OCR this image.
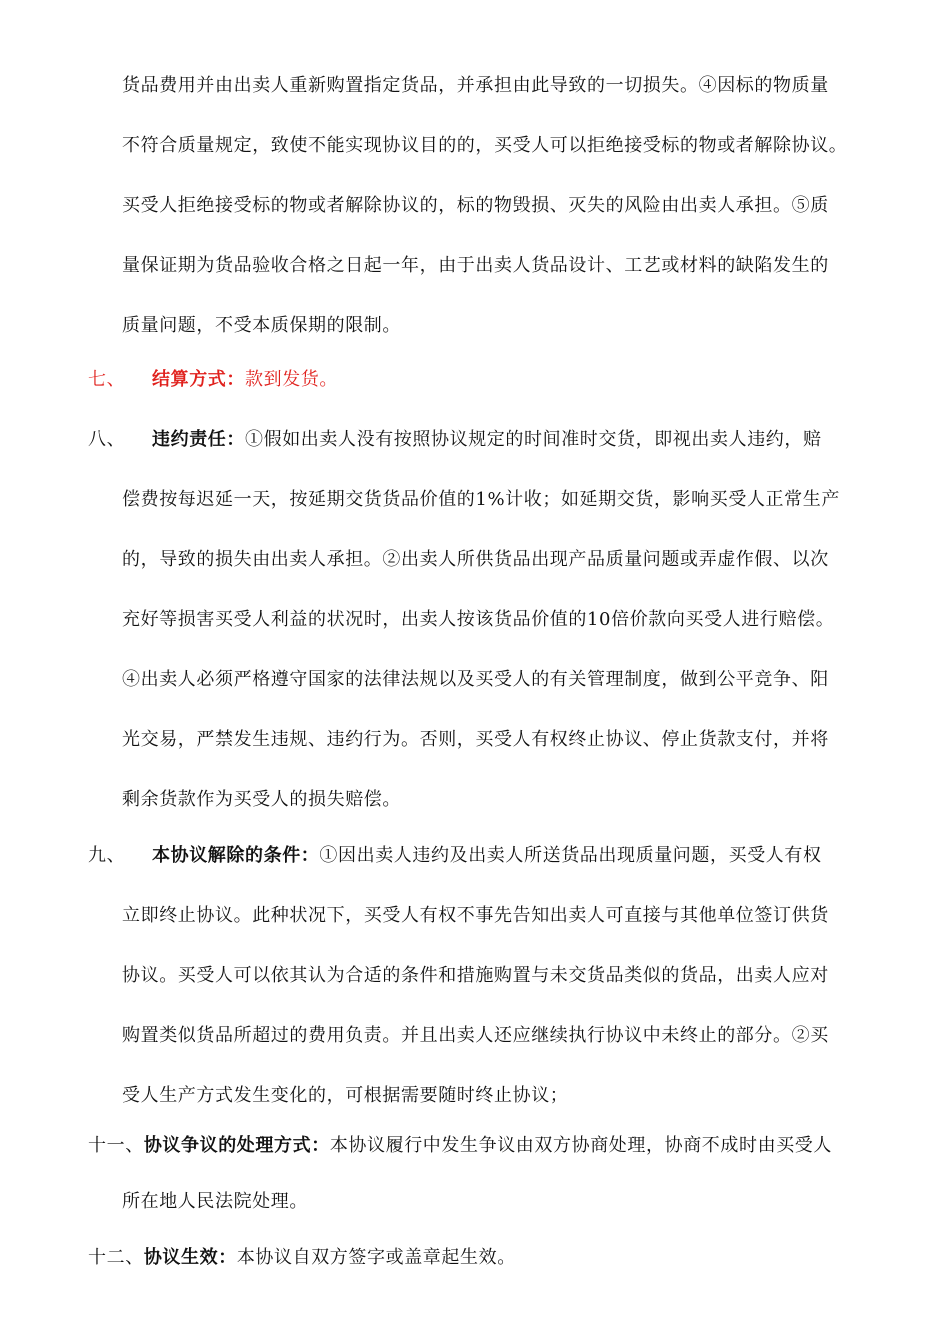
货品费用并由出卖人重新购置指定货品，并承担由此导致的一切损失。④因标的物质量
不符合质量规定，致使不能实现协议目的的，买受人可以拒绝接受标的物或者解除协议。
买受人拒绝接受标的物或者解除协议的，标的物毁损、灭失的风险由出卖人承担。⑤质
量保证期为货品验收合格之日起一年，由于出卖人货品设计、工艺或材料的缺陷发生的
质量问题，不受本质保期的限制。
七、	结算方式：款到发货。
八、	违约责任：①假如出卖人没有按照协议规定的时间准时交货，即视出卖人违约，赔
偿费按每迟延一天，按延期交货货品价值的1%计收；如延期交货，影响买受人正常生产
的，导致的损失由出卖人承担。②出卖人所供货品出现产品质量问题或弄虚作假、以次
充好等损害买受人利益的状况时，出卖人按该货品价值的10倍价款向买受人进行赔偿。
④出卖人必须严格遵守国家的法律法规以及买受人的有关管理制度，做到公平竞争、阳
光交易，严禁发生违规、违约行为。否则，买受人有权终止协议、停止货款支付，并将
剩余货款作为买受人的损失赔偿。
九、	本协议解除的条件：①因出卖人违约及出卖人所送货品出现质量问题，买受人有权
立即终止协议。此种状况下，买受人有权不事先告知出卖人可直接与其他单位签订供货
协议。买受人可以依其认为合适的条件和措施购置与未交货品类似的货品，出卖人应对
购置类似货品所超过的费用负责。并且出卖人还应继续执行协议中未终止的部分。②买
受人生产方式发生变化的，可根据需要随时终止协议；
十一、协议争议的处理方式：本协议履行中发生争议由双方协商处理，协商不成时由买受人
所在地人民法院处理。
十二、协议生效：本协议自双方签字或盖章起生效。
